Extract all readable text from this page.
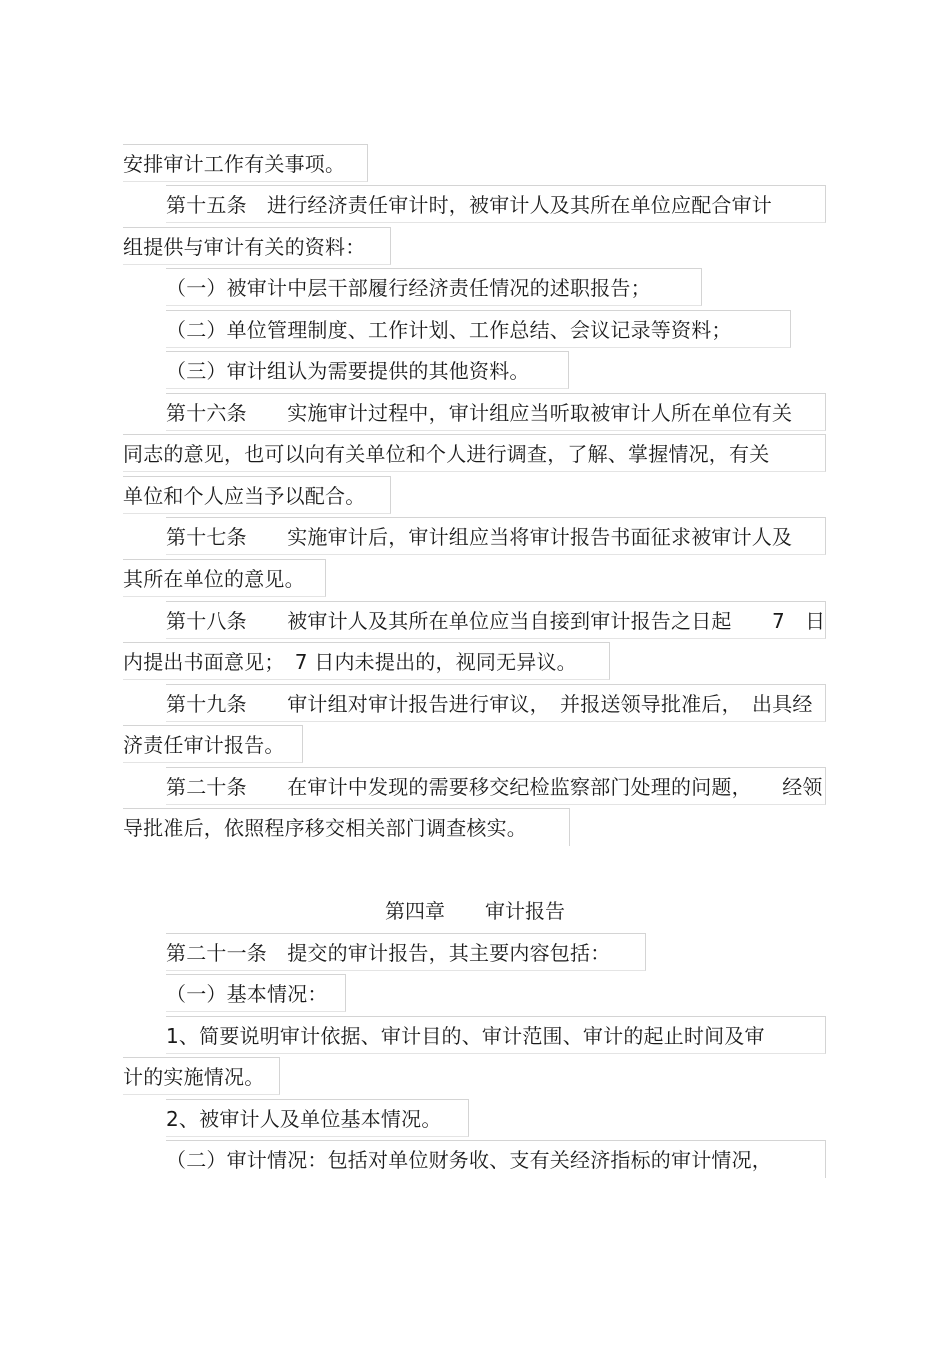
安排审计工作有关事项。
第十五条　进行经济责任审计时，被审计人及其所在单位应配合审计
组提供与审计有关的资料：
（一）被审计中层干部履行经济责任情况的述职报告；
（二）单位管理制度、工作计划、工作总结、会议记录等资料；
（三）审计组认为需要提供的其他资料。
第十六条　　实施审计过程中，审计组应当听取被审计人所在单位有关
同志的意见，也可以向有关单位和个人进行调查，了解、掌握情况，有关
单位和个人应当予以配合。
第十七条　　实施审计后，审计组应当将审计报告书面征求被审计人及
其所在单位的意见。
第十八条　　被审计人及其所在单位应当自接到审计报告之日起　　7　日
内提出书面意见；　7 日内未提出的，视同无异议。
第十九条　　审计组对审计报告进行审议，　并报送领导批准后，　出具经
济责任审计报告。
第二十条　　在审计中发现的需要移交纪检监察部门处理的问题，　　经领
导批准后，依照程序移交相关部门调查核实。
第四章　　审计报告
第二十一条　提交的审计报告，其主要内容包括：
（一）基本情况：
1、简要说明审计依据、审计目的、审计范围、审计的起止时间及审
计的实施情况。
2、被审计人及单位基本情况。
（二）审计情况：包括对单位财务收、支有关经济指标的审计情况，
